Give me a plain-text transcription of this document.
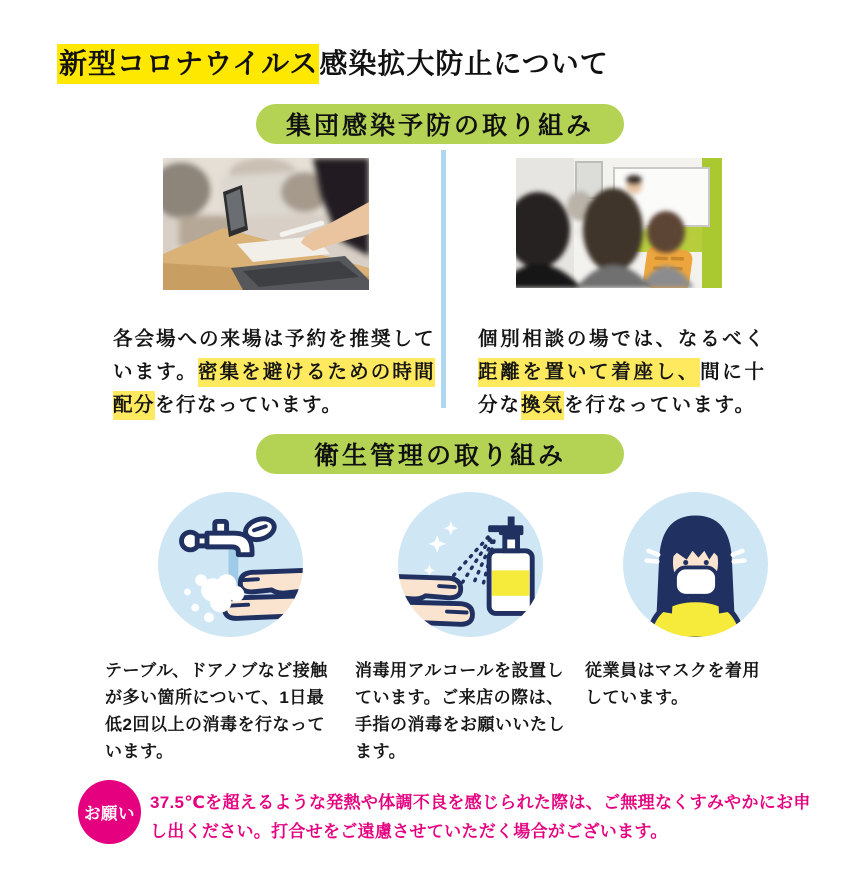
新型コロナウイルス感染拡大防止について
集団感染予防の取り組み

各会場への来場は予約を推奨しています。密集を避けるための時間配分を行なっています。

個別相談の場では、なるべく距離を置いて着座し、間に十分な換気を行なっています。

衛生管理の取り組み

テーブル、ドアノブなど接触が多い箇所について、1日最低2回以上の消毒を行なっています。

消毒用アルコールを設置しています。ご来店の際は、手指の消毒をお願いいたします。

従業員はマスクを着用しています。

お願い

37.5℃を超えるような発熱や体調不良を感じられた際は、ご無理なくすみやかにお申し出ください。打合せをご遠慮させていただく場合がございます。
